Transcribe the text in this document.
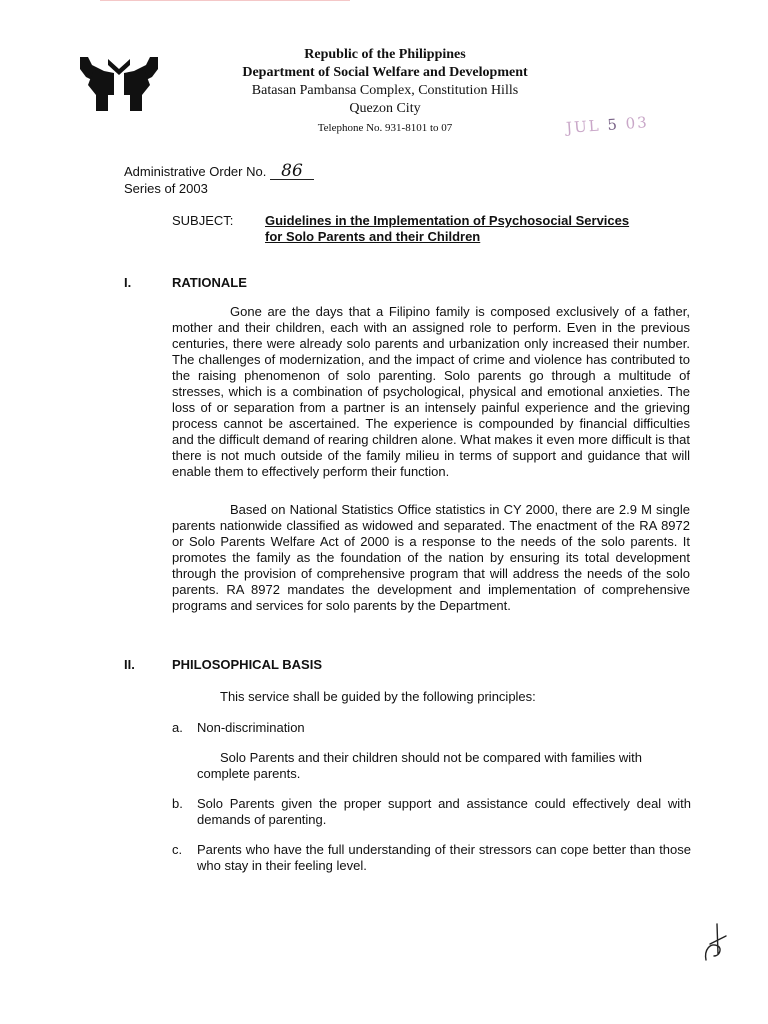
Republic of the Philippines
Department of Social Welfare and Development
Batasan Pambansa Complex, Constitution Hills
Quezon City
Telephone No. 931-8101 to 07	JUL 5 03
Administrative Order No. 86
Series of 2003
SUBJECT: Guidelines in the Implementation of Psychosocial Services
for Solo Parents and their Children
I.	RATIONALE

Gone are the days that a Filipino family is composed exclusively of a father, mother and their children, each with an assigned role to perform. Even in the previous centuries, there were already solo parents and urbanization only increased their number. The challenges of modernization, and the impact of crime and violence has contributed to the raising phenomenon of solo parenting. Solo parents go through a multitude of stresses, which is a combination of psychological, physical and emotional anxieties. The loss of or separation from a partner is an intensely painful experience and the grieving process cannot be ascertained. The experience is compounded by financial difficulties and the difficult demand of rearing children alone. What makes it even more difficult is that there is not much outside of the family milieu in terms of support and guidance that will enable them to effectively perform their function.

Based on National Statistics Office statistics in CY 2000, there are 2.9 M single parents nationwide classified as widowed and separated. The enactment of the RA 8972 or Solo Parents Welfare Act of 2000 is a response to the needs of the solo parents. It promotes the family as the foundation of the nation by ensuring its total development through the provision of comprehensive program that will address the needs of the solo parents. RA 8972 mandates the development and implementation of comprehensive programs and services for solo parents by the Department.

II.	PHILOSOPHICAL BASIS

This service shall be guided by the following principles:

a. Non-discrimination

Solo Parents and their children should not be compared with families with complete parents.

b. Solo Parents given the proper support and assistance could effectively deal with demands of parenting.

c. Parents who have the full understanding of their stressors can cope better than those who stay in their feeling level.
